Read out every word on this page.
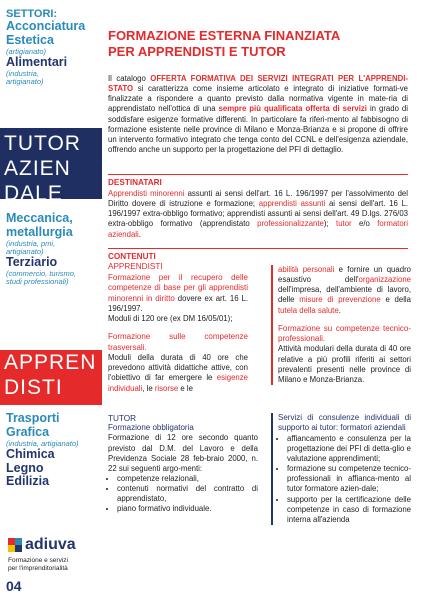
SETTORI:
Acconciatura
Estetica
(artigianato)
Alimentari
(industria,
artigianato)
TUTOR
AZIEN
DALE
Meccanica,
metallurgia
(industria, pmi,
artigianato)
Terziario
(commercio, turismo,
studi professionali)
APPREN
DISTI
Trasporti
Grafica
(industria, artigianato)
Chimica
Legno
Edilizia
adiuva
Formazione e servizi
per l'imprenditorialità
04
FORMAZIONE ESTERNA FINANZIATA
PER APPRENDISTI E TUTOR
Il catalogo OFFERTA FORMATIVA DEI SERVIZI INTEGRATI PER L'APPRENDI-STATO si caratterizza come insieme articolato e integrato di iniziative formati-ve finalizzate a rispondere a quanto previsto dalla normativa vigente in mate-ria di apprendistato nell'ottica di una sempre più qualificata offerta di servizi in grado di soddisfare esigenze formative differenti. In particolare fa riferi-mento al fabbisogno di formazione esistente nelle province di Milano e Monza-Brianza e si propone di offrire un intervento formativo integrato che tenga conto del CCNL e dell'esigenza aziendale, offrendo anche un supporto per la progettazione del PFI di dettaglio.
DESTINATARI
Apprendisti minorenni assunti ai sensi dell'art. 16 L. 196/1997 per l'assolvimento del Diritto dovere di istruzione e formazione; apprendisti assunti ai sensi dell'art. 16 L. 196/1997 extra-obbligo formativo; apprendisti assunti ai sensi dell'art. 49 D.lgs. 276/03 extra-obbligo formativo (apprendistato professionalizzante); tutor e/o formatori aziendali.
CONTENUTI
APPRENDISTI
Formazione per il recupero delle competenze di base per gli apprendisti minorenni in diritto dovere ex art. 16 L. 196/1997.
Moduli di 120 ore (ex DM 16/05/01);
Formazione sulle competenze trasversali.
Moduli della durata di 40 ore che prevedono attività didattiche attive, con l'obiettivo di far emergere le esigenze individuali, le risorse e le
abilità personali e fornire un quadro esaustivo dell'organizzazione dell'impresa, dell'ambiente di lavoro, delle misure di prevenzione e della tutela della salute.
Formazione su competenze tecnico-professionali.
Attività modulari della durata di 40 ore relative a più profili riferiti ai settori prevalenti presenti nelle province di Milano e Monza-Brianza.
TUTOR
Formazione obbligatoria
Formazione di 12 ore secondo quanto previsto dal D.M. del Lavoro e della Previdenza Sociale 28 feb-braio 2000, n. 22 sui seguenti argo-menti:
• competenze relazionali,
• contenuti normativi del contratto di apprendistato,
• piano formativo individuale.
Servizi di consulenze individuali di supporto ai tutor: formatori aziendali
• affiancamento e consulenza per la progettazione dei PFI di detta-glio e valutazione apprendimenti;
• formazione su competenze tecnico-professionali in affianca-mento al tutor formatore azien-dale;
• supporto per la certificazione delle competenze in caso di formazione interna all'azienda
